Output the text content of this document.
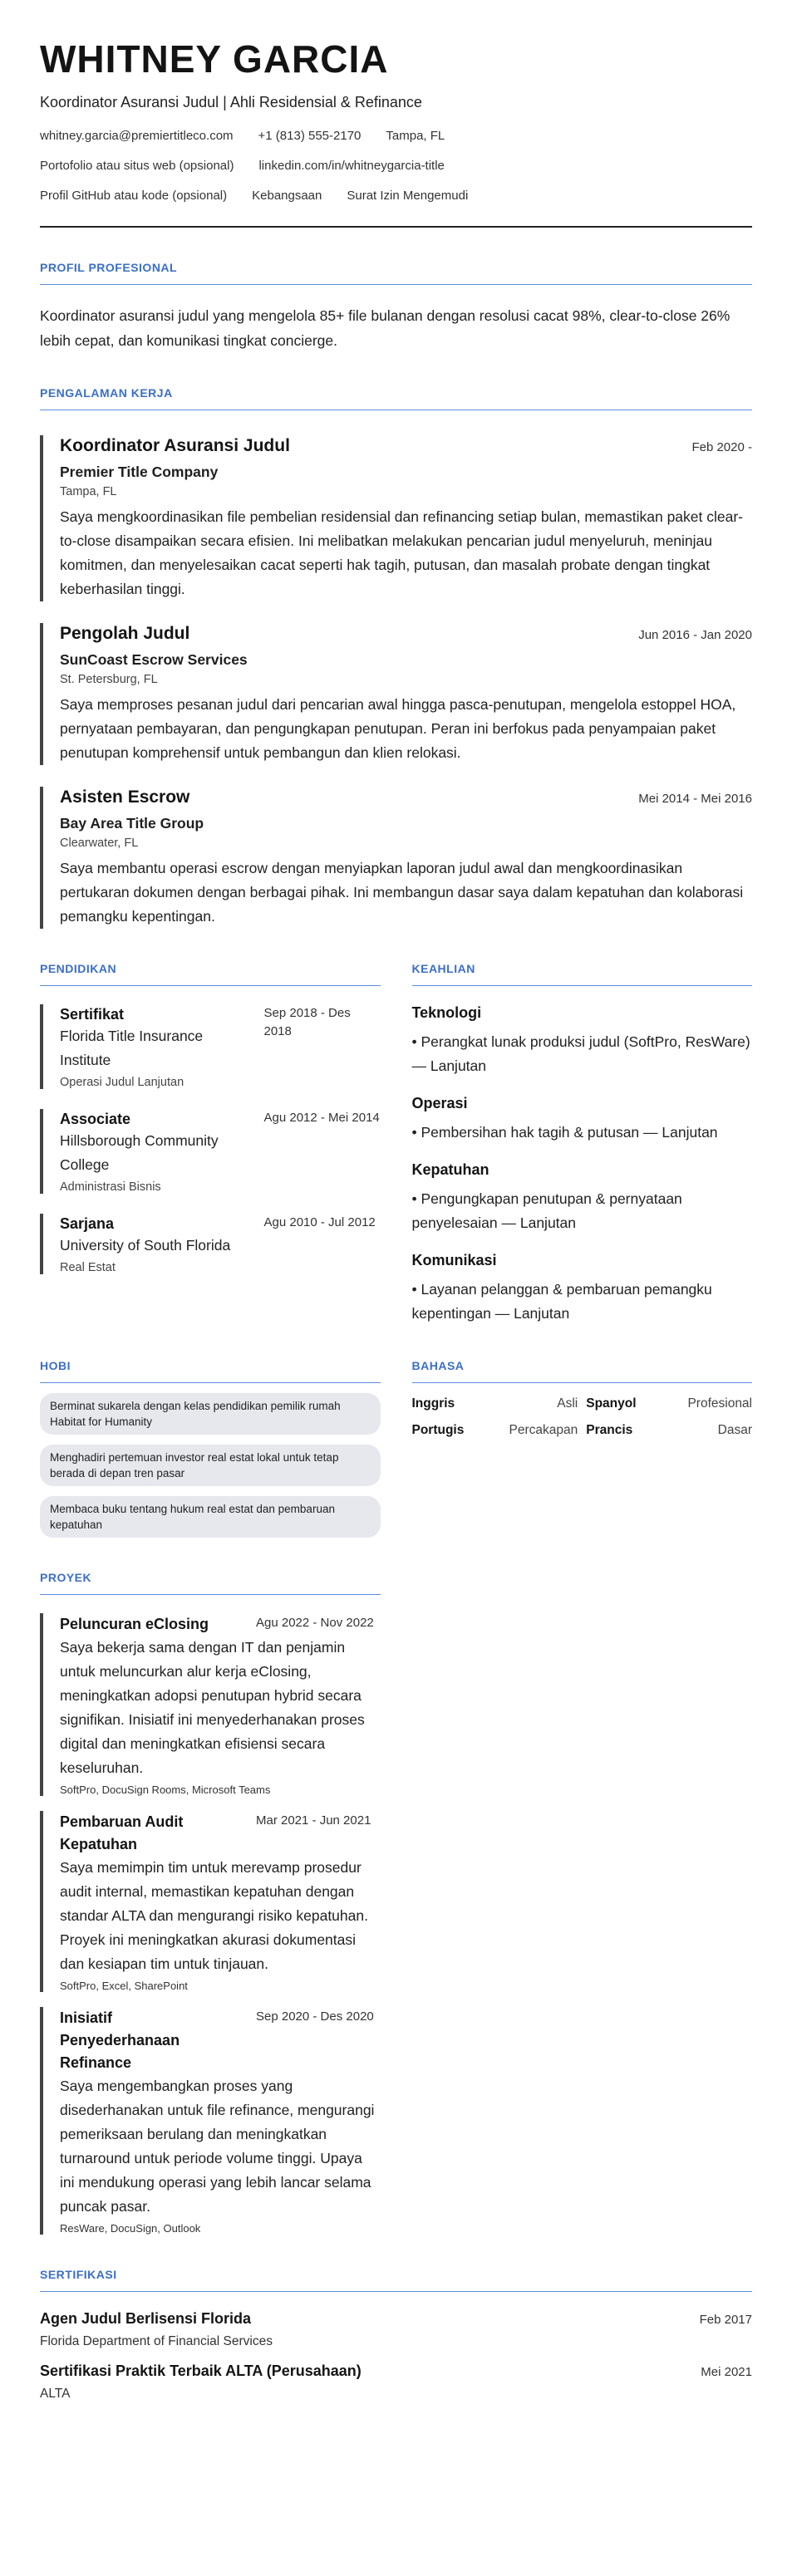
WHITNEY GARCIA
Koordinator Asuransi Judul | Ahli Residensial & Refinance
whitney.garcia@premiertitleco.com +1 (813) 555-2170 Tampa, FL
Portofolio atau situs web (opsional) linkedin.com/in/whitneygarcia-title
Profil GitHub atau kode (opsional) Kebangsaan Surat Izin Mengemudi
PROFIL PROFESIONAL
Koordinator asuransi judul yang mengelola 85+ file bulanan dengan resolusi cacat 98%, clear-to-close 26% lebih cepat, dan komunikasi tingkat concierge.
PENGALAMAN KERJA
Koordinator Asuransi Judul	Feb 2020 -
Premier Title Company
Tampa, FL
Saya mengkoordinasikan file pembelian residensial dan refinancing setiap bulan, memastikan paket clear-to-close disampaikan secara efisien. Ini melibatkan melakukan pencarian judul menyeluruh, meninjau komitmen, dan menyelesaikan cacat seperti hak tagih, putusan, dan masalah probate dengan tingkat keberhasilan tinggi.
Pengolah Judul	Jun 2016 - Jan 2020
SunCoast Escrow Services
St. Petersburg, FL
Saya memproses pesanan judul dari pencarian awal hingga pasca-penutupan, mengelola estoppel HOA, pernyataan pembayaran, dan pengungkapan penutupan. Peran ini berfokus pada penyampaian paket penutupan komprehensif untuk pembangun dan klien relokasi.
Asisten Escrow	Mei 2014 - Mei 2016
Bay Area Title Group
Clearwater, FL
Saya membantu operasi escrow dengan menyiapkan laporan judul awal dan mengkoordinasikan pertukaran dokumen dengan berbagai pihak. Ini membangun dasar saya dalam kepatuhan dan kolaborasi pemangku kepentingan.
PENDIDIKAN
Sertifikat
Florida Title Insurance Institute
Sep 2018 - Des 2018
Operasi Judul Lanjutan
Associate
Hillsborough Community College
Agu 2012 - Mei 2014
Administrasi Bisnis
Sarjana
University of South Florida
Agu 2010 - Jul 2012
Real Estat
KEAHLIAN
Teknologi
• Perangkat lunak produksi judul (SoftPro, ResWare) — Lanjutan
Operasi
• Pembersihan hak tagih & putusan — Lanjutan
Kepatuhan
• Pengungkapan penutupan & pernyataan penyelesaian — Lanjutan
Komunikasi
• Layanan pelanggan & pembaruan pemangku kepentingan — Lanjutan
HOBI
Berminat sukarela dengan kelas pendidikan pemilik rumah Habitat for Humanity
Menghadiri pertemuan investor real estat lokal untuk tetap berada di depan tren pasar
Membaca buku tentang hukum real estat dan pembaruan kepatuhan
BAHASA
Inggris	Asli Spanyol	Profesional
Portugis	Percakapan Prancis	Dasar
PROYEK
Peluncuran eClosing	Agu 2022 - Nov 2022
Saya bekerja sama dengan IT dan penjamin untuk meluncurkan alur kerja eClosing, meningkatkan adopsi penutupan hybrid secara signifikan. Inisiatif ini menyederhanakan proses digital dan meningkatkan efisiensi secara keseluruhan.
SoftPro, DocuSign Rooms, Microsoft Teams
Pembaruan Audit Kepatuhan
Mar 2021 - Jun 2021
Saya memimpin tim untuk merevamp prosedur audit internal, memastikan kepatuhan dengan standar ALTA dan mengurangi risiko kepatuhan. Proyek ini meningkatkan akurasi dokumentasi dan kesiapan tim untuk tinjauan.
SoftPro, Excel, SharePoint
Inisiatif Penyederhanaan Refinance
Sep 2020 - Des 2020
Saya mengembangkan proses yang disederhanakan untuk file refinance, mengurangi pemeriksaan berulang dan meningkatkan turnaround untuk periode volume tinggi. Upaya ini mendukung operasi yang lebih lancar selama puncak pasar.
ResWare, DocuSign, Outlook
SERTIFIKASI
Agen Judul Berlisensi Florida	Feb 2017
Florida Department of Financial Services
Sertifikasi Praktik Terbaik ALTA (Perusahaan)	Mei 2021
ALTA
